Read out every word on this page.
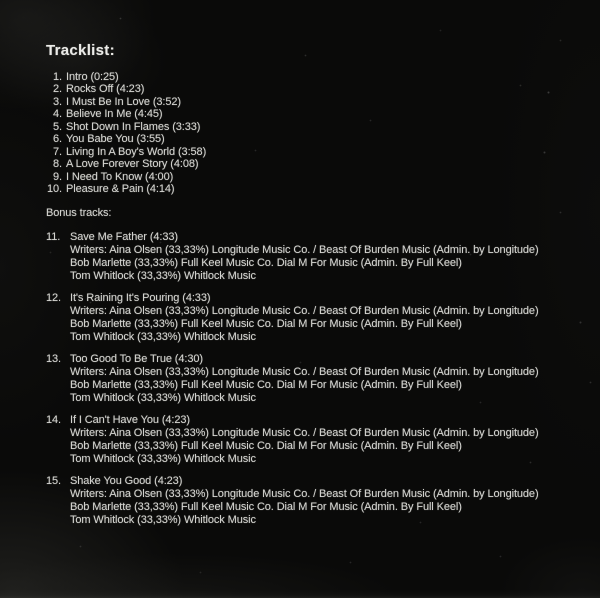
Tracklist:
1. Intro (0:25)
2. Rocks Off (4:23)
3. I Must Be In Love (3:52)
4. Believe In Me (4:45)
5. Shot Down In Flames (3:33)
6. You Babe You (3:55)
7. Living In A Boy's World (3:58)
8. A Love Forever Story (4:08)
9. I Need To Know (4:00)
10. Pleasure & Pain (4:14)
Bonus tracks:
11. Save Me Father (4:33)
Writers: Aina Olsen (33,33%) Longitude Music Co. / Beast Of Burden Music (Admin. by Longitude)
Bob Marlette (33,33%) Full Keel Music Co. Dial M For Music (Admin. By Full Keel)
Tom Whitlock (33,33%) Whitlock Music
12. It's Raining It's Pouring (4:33)
Writers: Aina Olsen (33,33%) Longitude Music Co. / Beast Of Burden Music (Admin. by Longitude)
Bob Marlette (33,33%) Full Keel Music Co. Dial M For Music (Admin. By Full Keel)
Tom Whitlock (33,33%) Whitlock Music
13. Too Good To Be True (4:30)
Writers: Aina Olsen (33,33%) Longitude Music Co. / Beast Of Burden Music (Admin. by Longitude)
Bob Marlette (33,33%) Full Keel Music Co. Dial M For Music (Admin. By Full Keel)
Tom Whitlock (33,33%) Whitlock Music
14. If I Can't Have You (4:23)
Writers: Aina Olsen (33,33%) Longitude Music Co. / Beast Of Burden Music (Admin. by Longitude)
Bob Marlette (33,33%) Full Keel Music Co. Dial M For Music (Admin. By Full Keel)
Tom Whitlock (33,33%) Whitlock Music
15. Shake You Good (4:23)
Writers: Aina Olsen (33,33%) Longitude Music Co. / Beast Of Burden Music (Admin. by Longitude)
Bob Marlette (33,33%) Full Keel Music Co. Dial M For Music (Admin. By Full Keel)
Tom Whitlock (33,33%) Whitlock Music
